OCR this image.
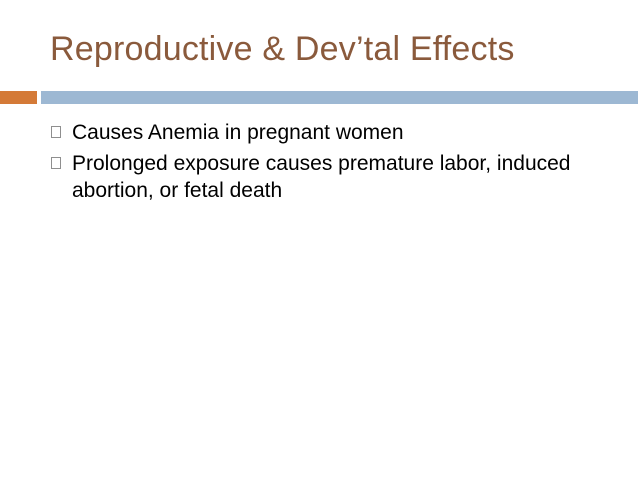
Reproductive & Dev’tal Effects
Causes Anemia in pregnant women
Prolonged exposure causes premature labor, induced abortion, or fetal death
